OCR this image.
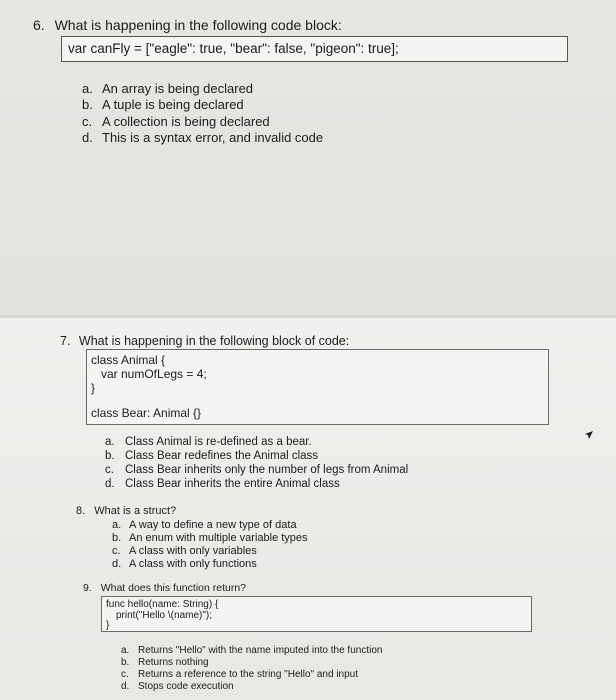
6. What is happening in the following code block:
var canFly = ["eagle": true, "bear": false, "pigeon": true];
a. An array is being declared
b. A tuple is being declared
c. A collection is being declared
d. This is a syntax error, and invalid code
7. What is happening in the following block of code:
class Animal {
var numOfLegs = 4;
}
class Bear: Animal {}
a. Class Animal is re-defined as a bear.
b. Class Bear redefines the Animal class
c. Class Bear inherits only the number of legs from Animal
d. Class Bear inherits the entire Animal class
8. What is a struct?
a. A way to define a new type of data
b. An enum with multiple variable types
c. A class with only variables
d. A class with only functions
9. What does this function return?
func hello(name: String) {
print("Hello \(name)");
}
a. Returns "Hello" with the name imputed into the function
b. Returns nothing
c. Returns a reference to the string "Hello" and input
d. Stops code execution
